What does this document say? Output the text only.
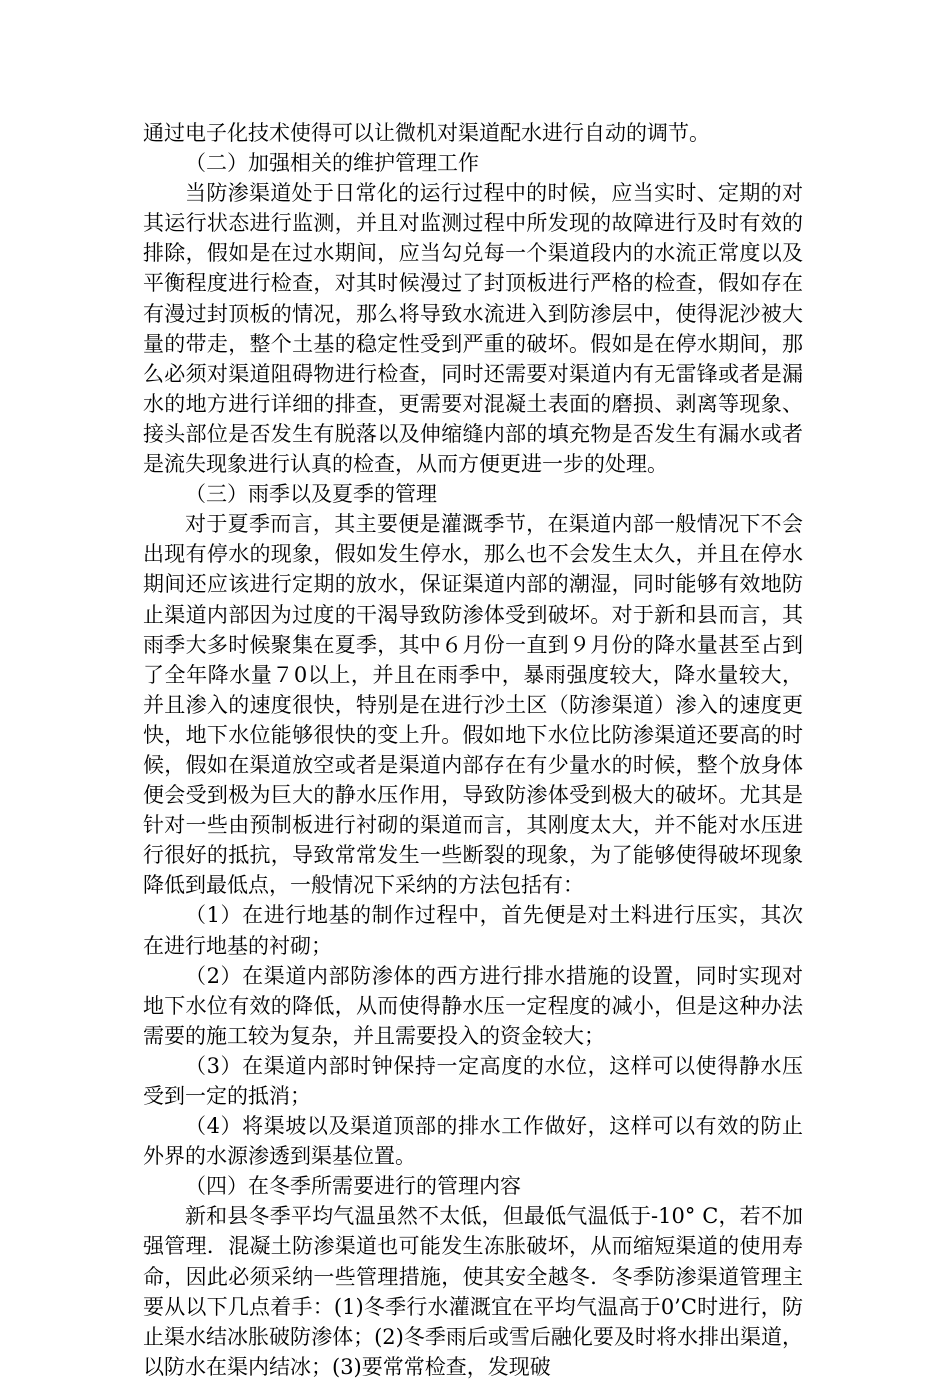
通过电子化技术使得可以让微机对渠道配水进行自动的调节。

（二）加强相关的维护管理工作

当防渗渠道处于日常化的运行过程中的时候，应当实时、定期的对其运行状态进行监测，并且对监测过程中所发现的故障进行及时有效的排除，假如是在过水期间，应当勾兑每一个渠道段内的水流正常度以及平衡程度进行检查，对其时候漫过了封顶板进行严格的检查，假如存在有漫过封顶板的情况，那么将导致水流进入到防渗层中，使得泥沙被大量的带走，整个土基的稳定性受到严重的破坏。假如是在停水期间，那么必须对渠道阻碍物进行检查，同时还需要对渠道内有无雷锋或者是漏水的地方进行详细的排查，更需要对混凝土表面的磨损、剥离等现象、接头部位是否发生有脱落以及伸缩缝内部的填充物是否发生有漏水或者是流失现象进行认真的检查，从而方便更进一步的处理。

（三）雨季以及夏季的管理

对于夏季而言，其主要便是灌溉季节，在渠道内部一般情况下不会出现有停水的现象，假如发生停水，那么也不会发生太久，并且在停水期间还应该进行定期的放水，保证渠道内部的潮湿，同时能够有效地防止渠道内部因为过度的干渴导致防渗体受到破坏。对于新和县而言，其雨季大多时候聚集在夏季，其中６月份一直到９月份的降水量甚至占到了全年降水量７0以上，并且在雨季中，暴雨强度较大，降水量较大，并且渗入的速度很快，特别是在进行沙土区（防渗渠道）渗入的速度更快，地下水位能够很快的变上升。假如地下水位比防渗渠道还要高的时候，假如在渠道放空或者是渠道内部存在有少量水的时候，整个放身体便会受到极为巨大的静水压作用，导致防渗体受到极大的破坏。尤其是针对一些由预制板进行衬砌的渠道而言，其刚度太大，并不能对水压进行很好的抵抗，导致常常发生一些断裂的现象，为了能够使得破坏现象降低到最低点，一般情况下采纳的方法包括有：

（1）在进行地基的制作过程中，首先便是对土料进行压实，其次在进行地基的衬砌；

（2）在渠道内部防渗体的西方进行排水措施的设置，同时实现对地下水位有效的降低，从而使得静水压一定程度的减小，但是这种办法需要的施工较为复杂，并且需要投入的资金较大；

（3）在渠道内部时钟保持一定高度的水位，这样可以使得静水压受到一定的抵消；

（4）将渠坡以及渠道顶部的排水工作做好，这样可以有效的防止外界的水源渗透到渠基位置。

（四）在冬季所需要进行的管理内容

新和县冬季平均气温虽然不太低，但最低气温低于-10° C，若不加强管理．混凝土防渗渠道也可能发生冻胀破坏，从而缩短渠道的使用寿命，因此必须采纳一些管理措施，使其安全越冬．冬季防渗渠道管理主要从以下几点着手：(1)冬季行水灌溉宜在平均气温高于0’C时进行，防止渠水结冰胀破防渗体；(2)冬季雨后或雪后融化要及时将水排出渠道，以防水在渠内结冰；(3)要常常检查，发现破
